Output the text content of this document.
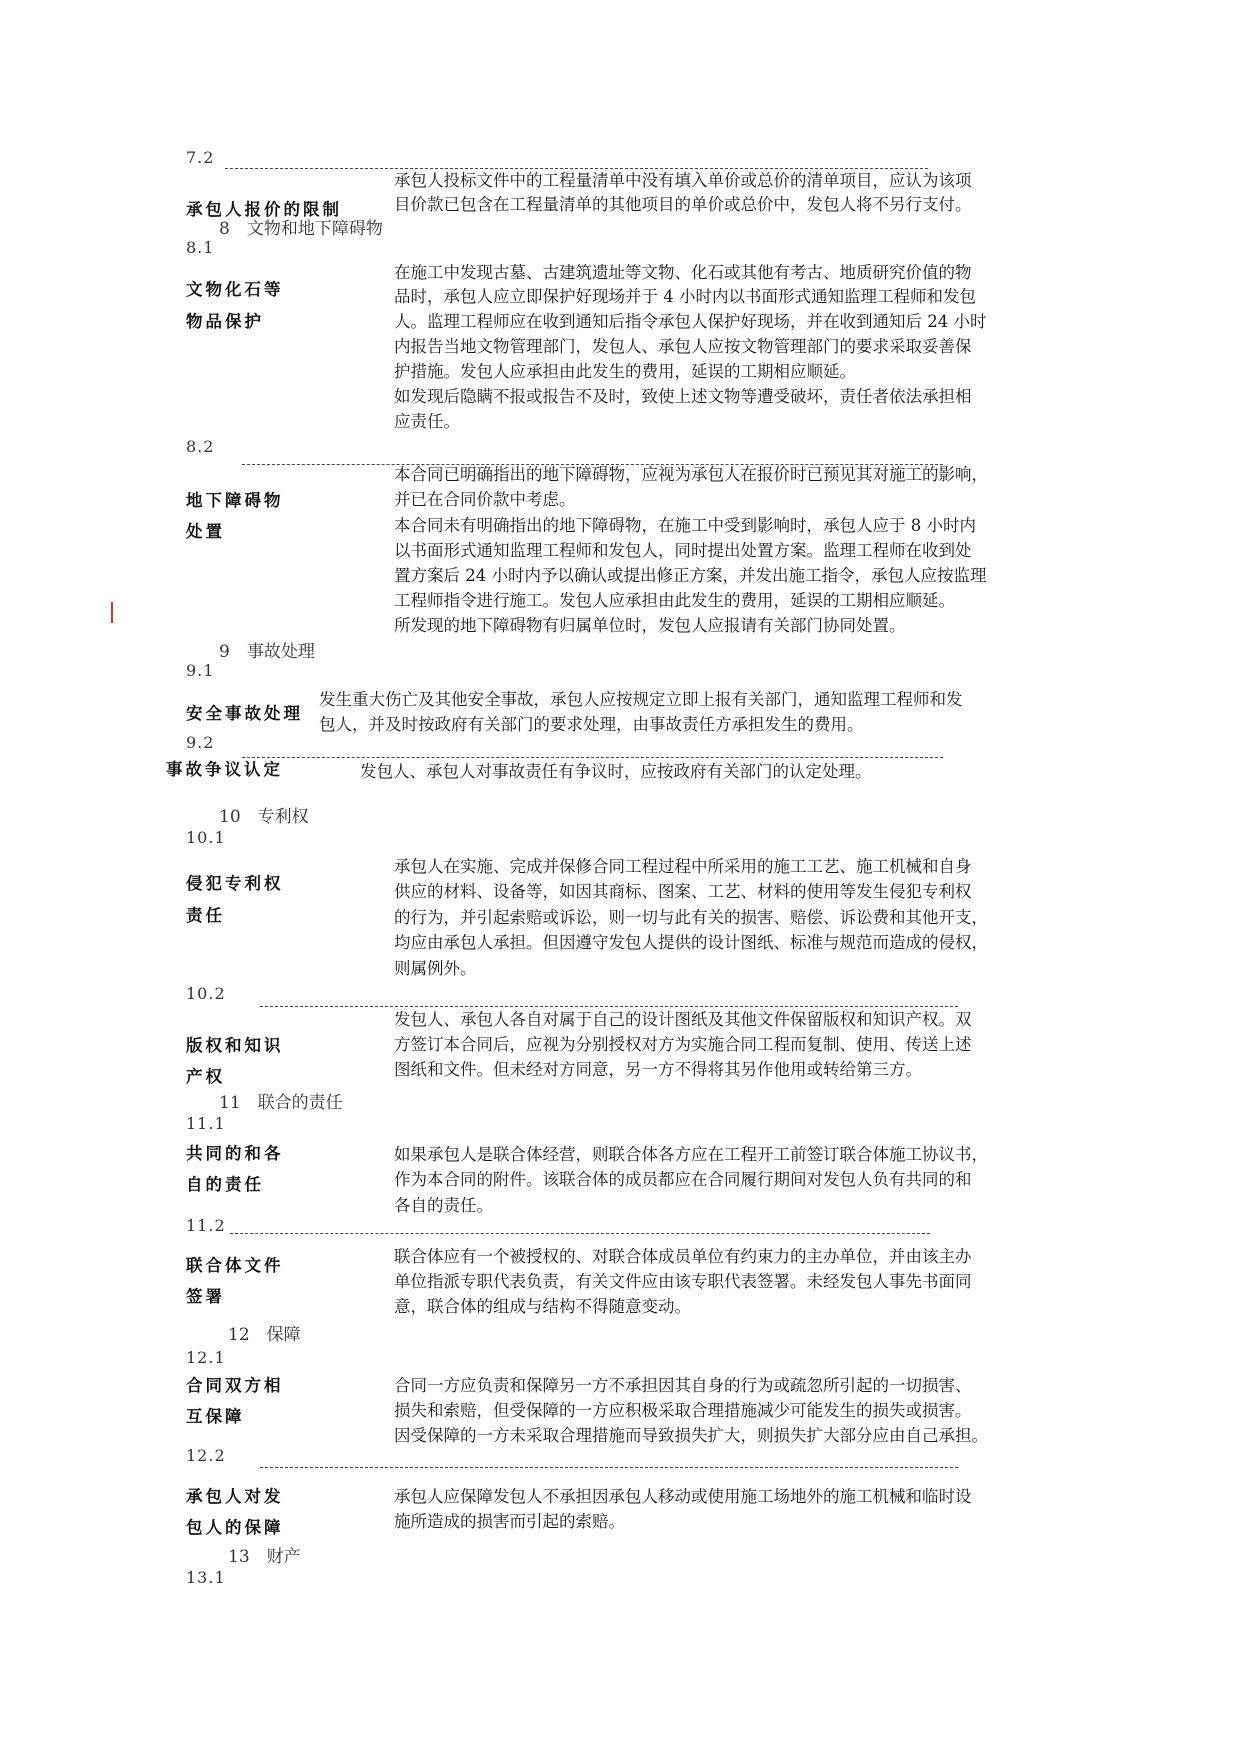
7.2
承包人报价的限制
承包人投标文件中的工程量清单中没有填入单价或总价的清单项目，应认为该项
目价款已包含在工程量清单的其他项目的单价或总价中，发包人将不另行支付。
8　文物和地下障碍物
8.1
文物化石等
物品保护
在施工中发现古墓、古建筑遗址等文物、化石或其他有考古、地质研究价值的物
品时，承包人应立即保护好现场并于 4 小时内以书面形式通知监理工程师和发包
人。监理工程师应在收到通知后指令承包人保护好现场，并在收到通知后 24 小时
内报告当地文物管理部门，发包人、承包人应按文物管理部门的要求采取妥善保
护措施。发包人应承担由此发生的费用，延误的工期相应顺延。
如发现后隐瞒不报或报告不及时，致使上述文物等遭受破坏，责任者依法承担相
应责任。
8.2
地下障碍物
处置
本合同已明确指出的地下障碍物，应视为承包人在报价时已预见其对施工的影响，
并已在合同价款中考虑。
本合同未有明确指出的地下障碍物，在施工中受到影响时，承包人应于 8 小时内
以书面形式通知监理工程师和发包人，同时提出处置方案。监理工程师在收到处
置方案后 24 小时内予以确认或提出修正方案，并发出施工指令，承包人应按监理
工程师指令进行施工。发包人应承担由此发生的费用，延误的工期相应顺延。
所发现的地下障碍物有归属单位时，发包人应报请有关部门协同处置。
9　事故处理
9.1
安全事故处理
发生重大伤亡及其他安全事故，承包人应按规定立即上报有关部门，通知监理工程师和发
包人，并及时按政府有关部门的要求处理，由事故责任方承担发生的费用。
9.2
事故争议认定	发包人、承包人对事故责任有争议时，应按政府有关部门的认定处理。
10　专利权
10.1
侵犯专利权
责任
承包人在实施、完成并保修合同工程过程中所采用的施工工艺、施工机械和自身
供应的材料、设备等，如因其商标、图案、工艺、材料的使用等发生侵犯专利权
的行为，并引起索赔或诉讼，则一切与此有关的损害、赔偿、诉讼费和其他开支，
均应由承包人承担。但因遵守发包人提供的设计图纸、标准与规范而造成的侵权，
则属例外。
10.2
版权和知识
产权
发包人、承包人各自对属于自己的设计图纸及其他文件保留版权和知识产权。双
方签订本合同后，应视为分别授权对方为实施合同工程而复制、使用、传送上述
图纸和文件。但未经对方同意，另一方不得将其另作他用或转给第三方。
11　联合的责任
11.1
共同的和各
自的责任
如果承包人是联合体经营，则联合体各方应在工程开工前签订联合体施工协议书，
作为本合同的附件。该联合体的成员都应在合同履行期间对发包人负有共同的和
各自的责任。
11.2
联合体文件
签署
联合体应有一个被授权的、对联合体成员单位有约束力的主办单位，并由该主办
单位指派专职代表负责，有关文件应由该专职代表签署。未经发包人事先书面同
意，联合体的组成与结构不得随意变动。
12　保障
12.1
合同双方相
互保障
合同一方应负责和保障另一方不承担因其自身的行为或疏忽所引起的一切损害、
损失和索赔，但受保障的一方应积极采取合理措施减少可能发生的损失或损害。
因受保障的一方未采取合理措施而导致损失扩大，则损失扩大部分应由自己承担。
12.2
承包人对发
包人的保障
承包人应保障发包人不承担因承包人移动或使用施工场地外的施工机械和临时设
施所造成的损害而引起的索赔。
13　财产
13.1
